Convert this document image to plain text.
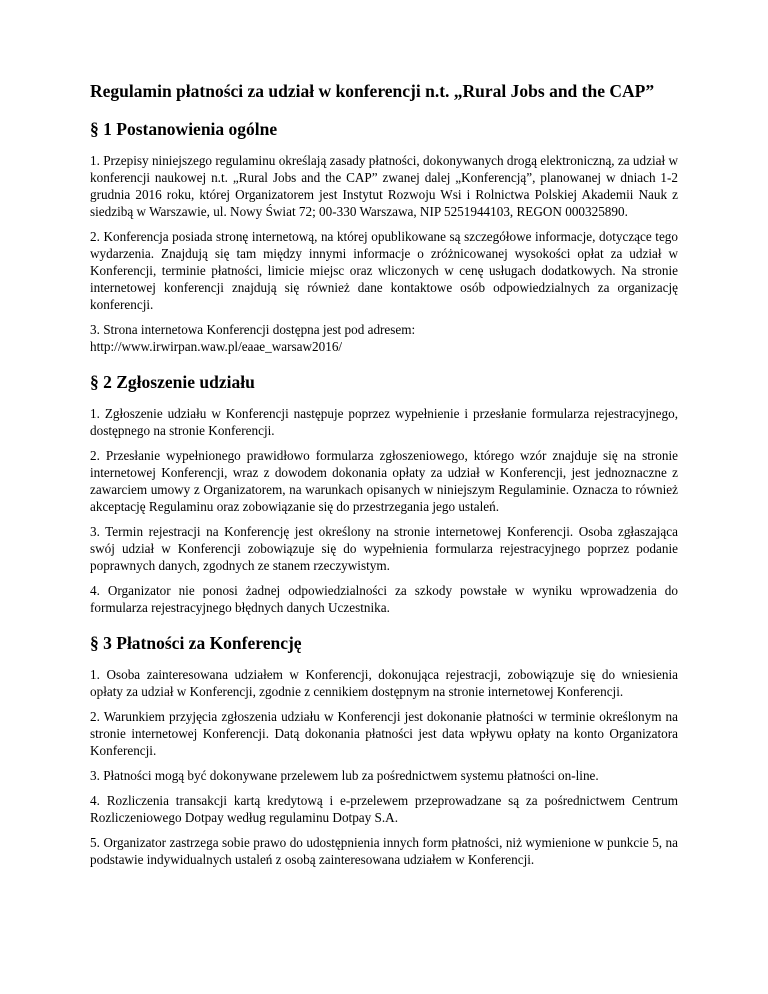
Regulamin płatności za udział w konferencji n.t. „Rural Jobs and the CAP”
§ 1 Postanowienia ogólne

1. Przepisy niniejszego regulaminu określają zasady płatności, dokonywanych drogą elektroniczną, za udział w konferencji naukowej n.t. „Rural Jobs and the CAP” zwanej dalej „Konferencją”, planowanej w dniach 1-2 grudnia 2016 roku, której Organizatorem jest Instytut Rozwoju Wsi i Rolnictwa Polskiej Akademii Nauk z siedzibą w Warszawie, ul. Nowy Świat 72; 00-330 Warszawa, NIP 5251944103, REGON 000325890.

2. Konferencja posiada stronę internetową, na której opublikowane są szczegółowe informacje, dotyczące tego wydarzenia. Znajdują się tam między innymi informacje o zróżnicowanej wysokości opłat za udział w Konferencji, terminie płatności, limicie miejsc oraz wliczonych w cenę usługach dodatkowych. Na stronie internetowej konferencji znajdują się również dane kontaktowe osób odpowiedzialnych za organizację konferencji.

3. Strona internetowa Konferencji dostępna jest pod adresem:

http://www.irwirpan.waw.pl/eaae_warsaw2016/

§ 2 Zgłoszenie udziału

1. Zgłoszenie udziału w Konferencji następuje poprzez wypełnienie i przesłanie formularza rejestracyjnego, dostępnego na stronie Konferencji.

2. Przesłanie wypełnionego prawidłowo formularza zgłoszeniowego, którego wzór znajduje się na stronie internetowej Konferencji, wraz z dowodem dokonania opłaty za udział w Konferencji, jest jednoznaczne z zawarciem umowy z Organizatorem, na warunkach opisanych w niniejszym Regulaminie. Oznacza to również akceptację Regulaminu oraz zobowiązanie się do przestrzegania jego ustaleń.

3. Termin rejestracji na Konferencję jest określony na stronie internetowej Konferencji. Osoba zgłaszająca swój udział w Konferencji zobowiązuje się do wypełnienia formularza rejestracyjnego poprzez podanie poprawnych danych, zgodnych ze stanem rzeczywistym.

4. Organizator nie ponosi żadnej odpowiedzialności za szkody powstałe w wyniku wprowadzenia do formularza rejestracyjnego błędnych danych Uczestnika.

§ 3 Płatności za Konferencję

1. Osoba zainteresowana udziałem w Konferencji, dokonująca rejestracji, zobowiązuje się do wniesienia opłaty za udział w Konferencji, zgodnie z cennikiem dostępnym na stronie internetowej Konferencji.

2. Warunkiem przyjęcia zgłoszenia udziału w Konferencji jest dokonanie płatności w terminie określonym na stronie internetowej Konferencji. Datą dokonania płatności jest data wpływu opłaty na konto Organizatora Konferencji.

3. Płatności mogą być dokonywane przelewem lub za pośrednictwem systemu płatności on-line.

4. Rozliczenia transakcji kartą kredytową i e-przelewem przeprowadzane są za pośrednictwem Centrum Rozliczeniowego Dotpay według regulaminu Dotpay S.A.

5. Organizator zastrzega sobie prawo do udostępnienia innych form płatności, niż wymienione w punkcie 5, na podstawie indywidualnych ustaleń z osobą zainteresowana udziałem w Konferencji.
